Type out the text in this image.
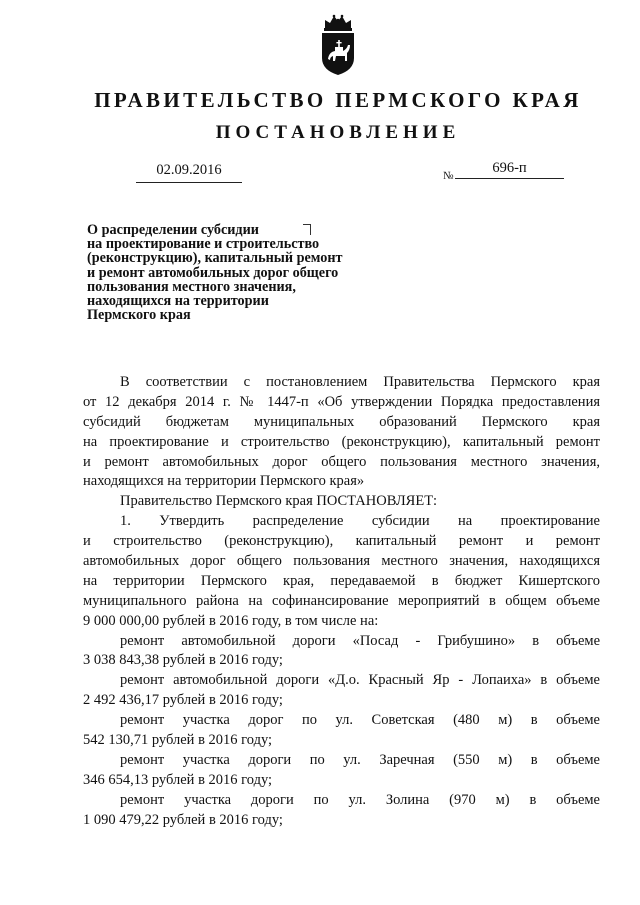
ПРАВИТЕЛЬСТВО ПЕРМСКОГО КРАЯ
ПОСТАНОВЛЕНИЕ
02.09.2016	№	696-п
О распределении субсидии
на проектирование и строительство
(реконструкцию), капитальный ремонт
и ремонт автомобильных дорог общего
пользования местного значения,
находящихся на территории
Пермского края
В соответствии с постановлением Правительства Пермского края
от 12 декабря 2014 г. № 1447-п «Об утверждении Порядка предоставления
субсидий бюджетам муниципальных образований Пермского края
на проектирование и строительство (реконструкцию), капитальный ремонт
и ремонт автомобильных дорог общего пользования местного значения,
находящихся на территории Пермского края»
Правительство Пермского края ПОСТАНОВЛЯЕТ:
1. Утвердить распределение субсидии на проектирование
и строительство (реконструкцию), капитальный ремонт и ремонт
автомобильных дорог общего пользования местного значения, находящихся
на территории Пермского края, передаваемой в бюджет Кишертского
муниципального района на софинансирование мероприятий в общем объеме
9 000 000,00 рублей в 2016 году, в том числе на:
ремонт автомобильной дороги «Посад - Грибушино» в объеме
3 038 843,38 рублей в 2016 году;
ремонт автомобильной дороги «Д.о. Красный Яр - Лопаиха» в объеме
2 492 436,17 рублей в 2016 году;
ремонт участка дорог по ул. Советская (480 м) в объеме
542 130,71 рублей в 2016 году;
ремонт участка дороги по ул. Заречная (550 м) в объеме
346 654,13 рублей в 2016 году;
ремонт участка дороги по ул. Золина (970 м) в объеме
1 090 479,22 рублей в 2016 году;
